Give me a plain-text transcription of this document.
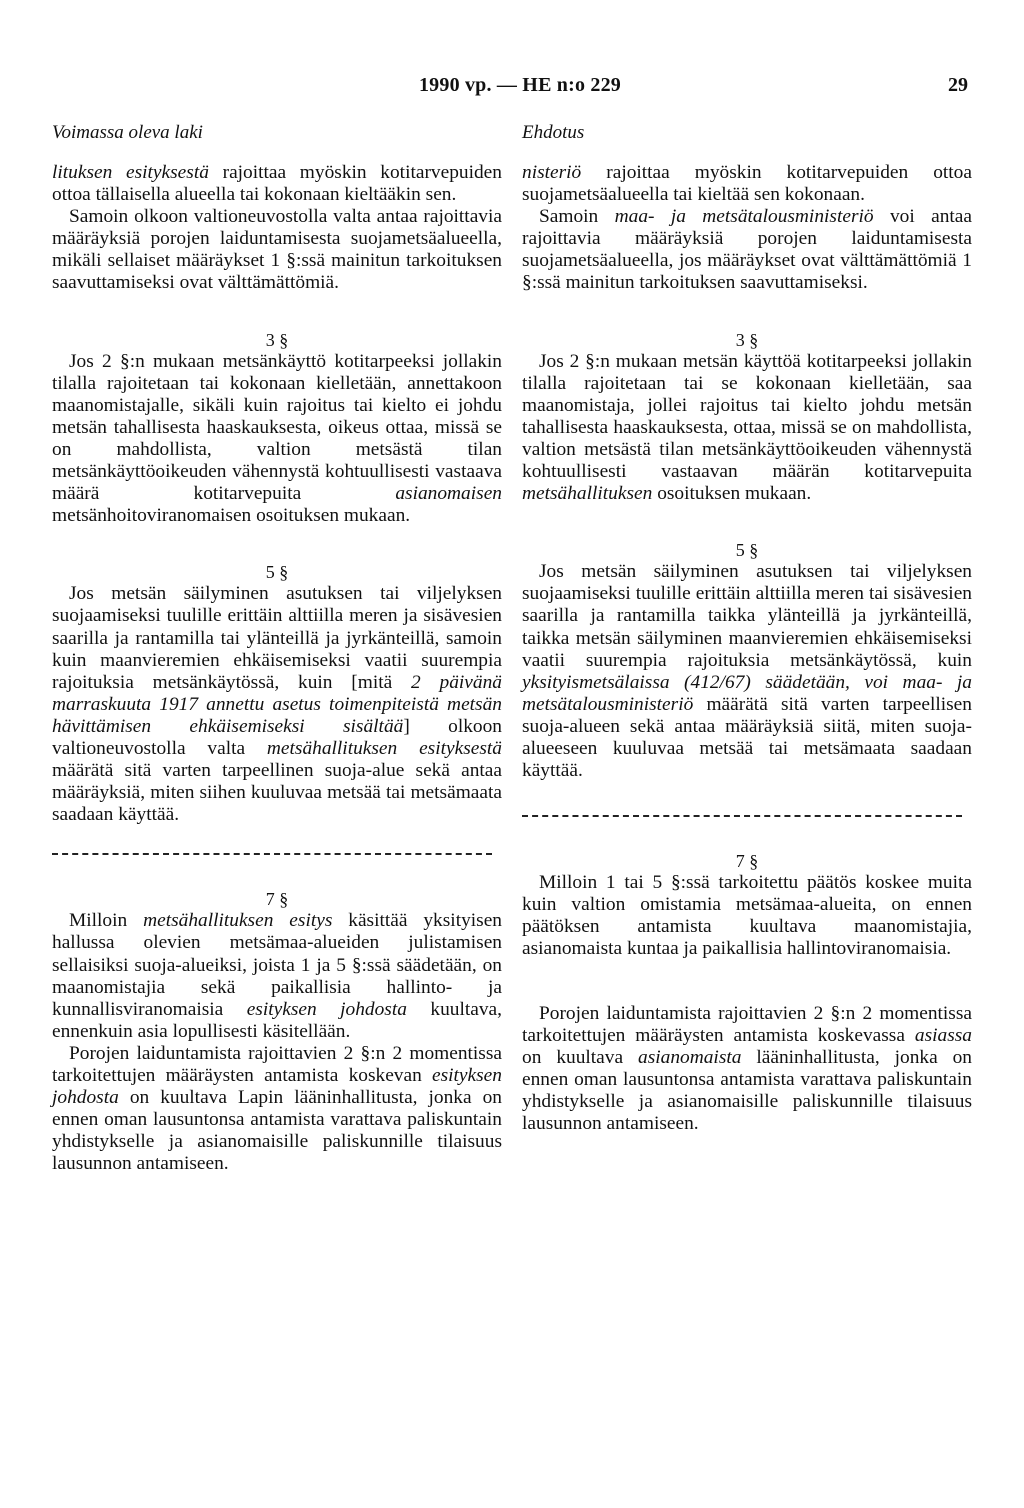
1990 vp. — HE n:o 229	29
Voimassa oleva laki	Ehdotus

lituksen esityksestä rajoittaa myöskin kotitarvepuiden ottoa tällaisella alueella tai kokonaan kieltääkin sen.

Samoin olkoon valtioneuvostolla valta antaa rajoittavia määräyksiä porojen laiduntamisesta suojametsäalueella, mikäli sellaiset määräykset 1 §:ssä mainitun tarkoituksen saavuttamiseksi ovat välttämättömiä.

3 §

Jos 2 §:n mukaan metsänkäyttö kotitarpeeksi jollakin tilalla rajoitetaan tai kokonaan kielletään, annettakoon maanomistajalle, sikäli kuin rajoitus tai kielto ei johdu metsän tahallisesta haaskauksesta, oikeus ottaa, missä se on mahdollista, valtion metsästä tilan metsänkäyttöoikeuden vähennystä kohtuullisesti vastaava määrä kotitarvepuita asianomaisen metsänhoitoviranomaisen osoituksen mukaan.

5 §

Jos metsän säilyminen asutuksen tai viljelyksen suojaamiseksi tuulille erittäin alttiilla meren ja sisävesien saarilla ja rantamilla tai ylänteillä ja jyrkänteillä, samoin kuin maanvieremien ehkäisemiseksi vaatii suurempia rajoituksia metsänkäytössä, kuin [mitä 2 päivänä marraskuuta 1917 annettu asetus toimenpiteistä metsän hävittämisen ehkäisemiseksi sisältää] olkoon valtioneuvostolla valta metsähallituksen esityksestä määrätä sitä varten tarpeellinen suoja-alue sekä antaa määräyksiä, miten siihen kuuluvaa metsää tai metsämaata saadaan käyttää.

7 §

Milloin metsähallituksen esitys käsittää yksityisen hallussa olevien metsämaa-alueiden julistamisen sellaisiksi suoja-alueiksi, joista 1 ja 5 §:ssä säädetään, on maanomistajia sekä paikallisia hallinto- ja kunnallisviranomaisia esityksen johdosta kuultava, ennenkuin asia lopullisesti käsitellään.

Porojen laiduntamista rajoittavien 2 §:n 2 momentissa tarkoitettujen määräysten antamista koskevan esityksen johdosta on kuultava Lapin lääninhallitusta, jonka on ennen oman lausuntonsa antamista varattava paliskuntain yhdistykselle ja asianomaisille paliskunnille tilaisuus lausunnon antamiseen.

nisteriö rajoittaa myöskin kotitarvepuiden ottoa suojametsäalueella tai kieltää sen kokonaan.

Samoin maa- ja metsätalousministeriö voi antaa rajoittavia määräyksiä porojen laiduntamisesta suojametsäalueella, jos määräykset ovat välttämättömiä 1 §:ssä mainitun tarkoituksen saavuttamiseksi.

3 §

Jos 2 §:n mukaan metsän käyttöä kotitarpeeksi jollakin tilalla rajoitetaan tai se kokonaan kielletään, saa maanomistaja, jollei rajoitus tai kielto johdu metsän tahallisesta haaskauksesta, ottaa, missä se on mahdollista, valtion metsästä tilan metsänkäyttöoikeuden vähennystä kohtuullisesti vastaavan määrän kotitarvepuita metsähallituksen osoituksen mukaan.

5 §

Jos metsän säilyminen asutuksen tai viljelyksen suojaamiseksi tuulille erittäin alttiilla meren tai sisävesien saarilla ja rantamilla taikka ylänteillä ja jyrkänteillä, taikka metsän säilyminen maanvieremien ehkäisemiseksi vaatii suurempia rajoituksia metsänkäytössä, kuin yksityismetsälaissa (412/67) säädetään, voi maa- ja metsätalousministeriö määrätä sitä varten tarpeellisen suoja-alueen sekä antaa määräyksiä siitä, miten suoja-alueeseen kuuluvaa metsää tai metsämaata saadaan käyttää.

7 §

Milloin 1 tai 5 §:ssä tarkoitettu päätös koskee muita kuin valtion omistamia metsämaa-alueita, on ennen päätöksen antamista kuultava maanomistajia, asianomaista kuntaa ja paikallisia hallintoviranomaisia.

Porojen laiduntamista rajoittavien 2 §:n 2 momentissa tarkoitettujen määräysten antamista koskevassa asiassa on kuultava asianomaista lääninhallitusta, jonka on ennen oman lausuntonsa antamista varattava paliskuntain yhdistykselle ja asianomaisille paliskunnille tilaisuus lausunnon antamiseen.
